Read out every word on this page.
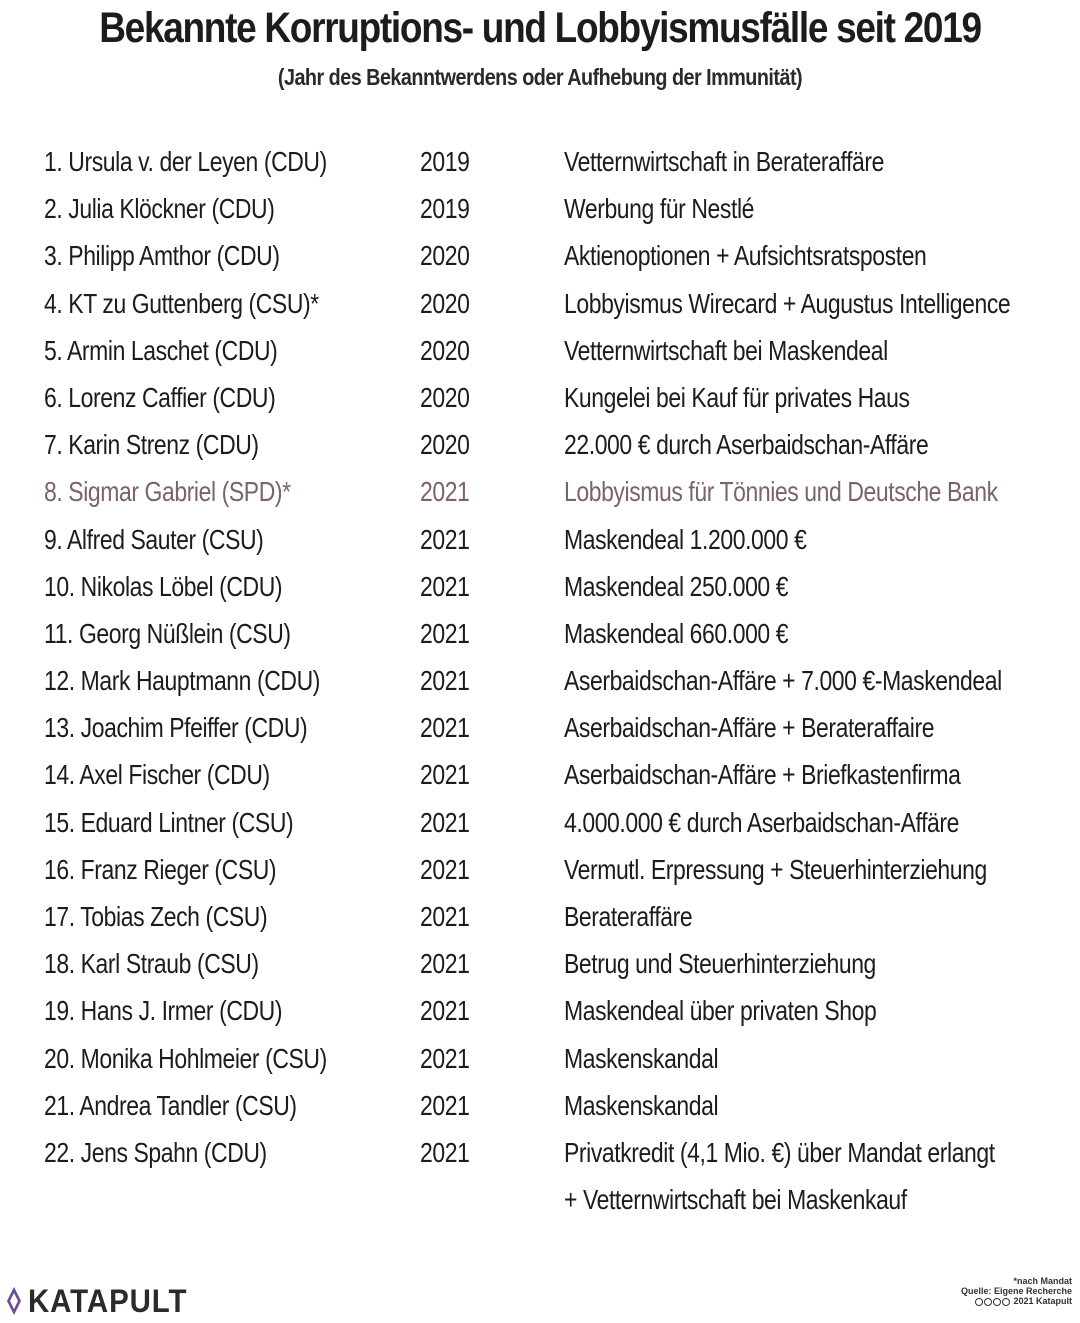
Bekannte Korruptions- und Lobbyismusfälle seit 2019
(Jahr des Bekanntwerdens oder Aufhebung der Immunität)
1. Ursula v. der Leyen (CDU)	2019	Vetternwirtschaft in Berateraffäre
2. Julia Klöckner (CDU)	2019	Werbung für Nestlé
3. Philipp Amthor (CDU)	2020	Aktienoptionen + Aufsichtsratsposten
4. KT zu Guttenberg (CSU)*	2020	Lobbyismus Wirecard + Augustus Intelligence
5. Armin Laschet (CDU)	2020	Vetternwirtschaft bei Maskendeal
6. Lorenz Caffier (CDU)	2020	Kungelei bei Kauf für privates Haus
7. Karin Strenz (CDU)	2020	22.000 € durch Aserbaidschan-Affäre
8. Sigmar Gabriel (SPD)*	2021	Lobbyismus für Tönnies und Deutsche Bank
9. Alfred Sauter (CSU)	2021	Maskendeal 1.200.000 €
10. Nikolas Löbel (CDU)	2021	Maskendeal 250.000 €
11. Georg Nüßlein (CSU)	2021	Maskendeal 660.000 €
12. Mark Hauptmann (CDU)	2021	Aserbaidschan-Affäre + 7.000 €-Maskendeal
13. Joachim Pfeiffer (CDU)	2021	Aserbaidschan-Affäre + Berateraffaire
14. Axel Fischer (CDU)	2021	Aserbaidschan-Affäre + Briefkastenfirma
15. Eduard Lintner (CSU)	2021	4.000.000 € durch Aserbaidschan-Affäre
16. Franz Rieger (CSU)	2021	Vermutl. Erpressung + Steuerhinterziehung
17. Tobias Zech (CSU)	2021	Berateraffäre
18. Karl Straub (CSU)	2021	Betrug und Steuerhinterziehung
19. Hans J. Irmer (CDU)	2021	Maskendeal über privaten Shop
20. Monika Hohlmeier (CSU)	2021	Maskenskandal
21. Andrea Tandler (CSU)	2021	Maskenskandal
22. Jens Spahn (CDU)	2021	Privatkredit (4,1 Mio. €) über Mandat erlangt
+ Vetternwirtschaft bei Maskenkauf
KATAPULT
*nach Mandat
Quelle: Eigene Recherche
2021 Katapult
